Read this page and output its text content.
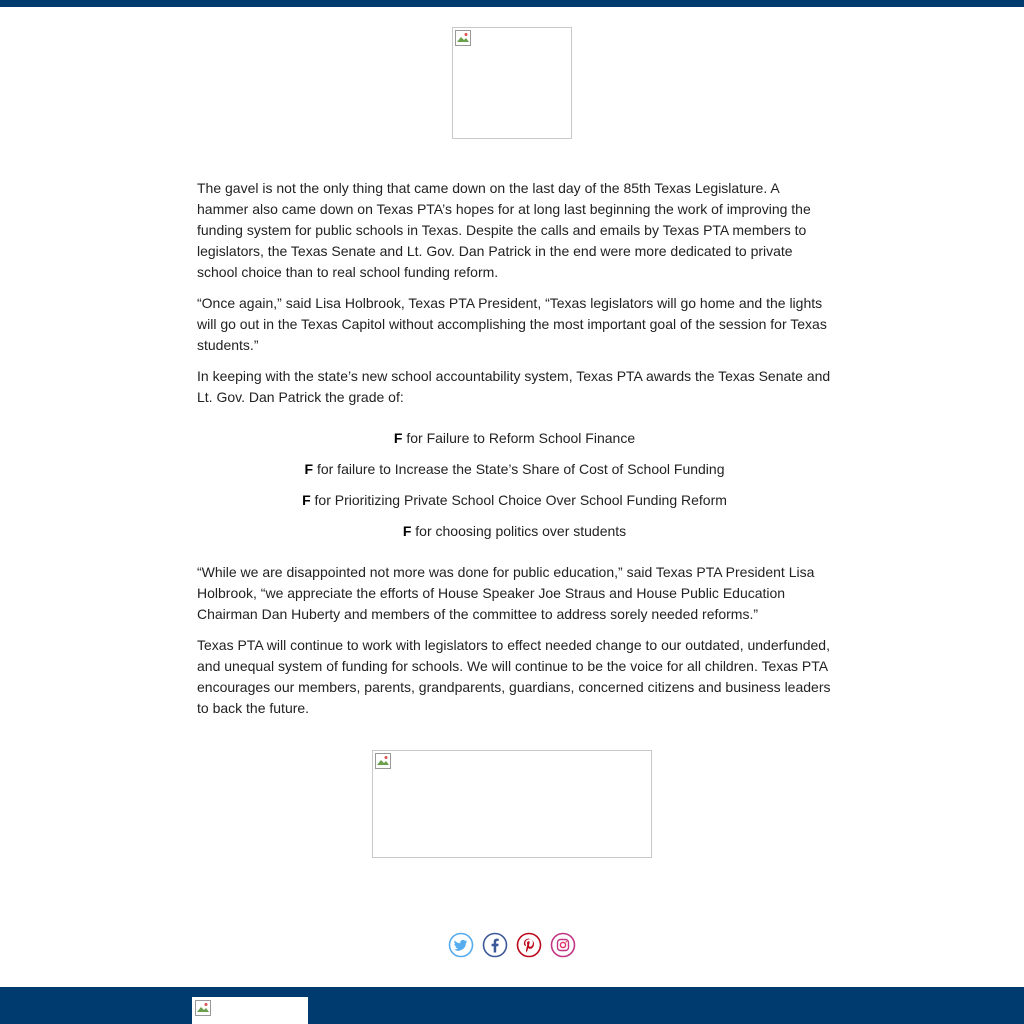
The gavel is not the only thing that came down on the last day of the 85th Texas Legislature. A hammer also came down on Texas PTA’s hopes for at long last beginning the work of improving the funding system for public schools in Texas. Despite the calls and emails by Texas PTA members to legislators, the Texas Senate and Lt. Gov. Dan Patrick in the end were more dedicated to private school choice than to real school funding reform.

“Once again,” said Lisa Holbrook, Texas PTA President, “Texas legislators will go home and the lights will go out in the Texas Capitol without accomplishing the most important goal of the session for Texas students.”

In keeping with the state’s new school accountability system, Texas PTA awards the Texas Senate and Lt. Gov. Dan Patrick the grade of:

F for Failure to Reform School Finance
F for failure to Increase the State’s Share of Cost of School Funding
F for Prioritizing Private School Choice Over School Funding Reform
F for choosing politics over students

“While we are disappointed not more was done for public education,” said Texas PTA President Lisa Holbrook, “we appreciate the efforts of House Speaker Joe Straus and House Public Education Chairman Dan Huberty and members of the committee to address sorely needed reforms.”

Texas PTA will continue to work with legislators to effect needed change to our outdated, underfunded, and unequal system of funding for schools. We will continue to be the voice for all children. Texas PTA encourages our members, parents, grandparents, guardians, concerned citizens and business leaders to back the future.
